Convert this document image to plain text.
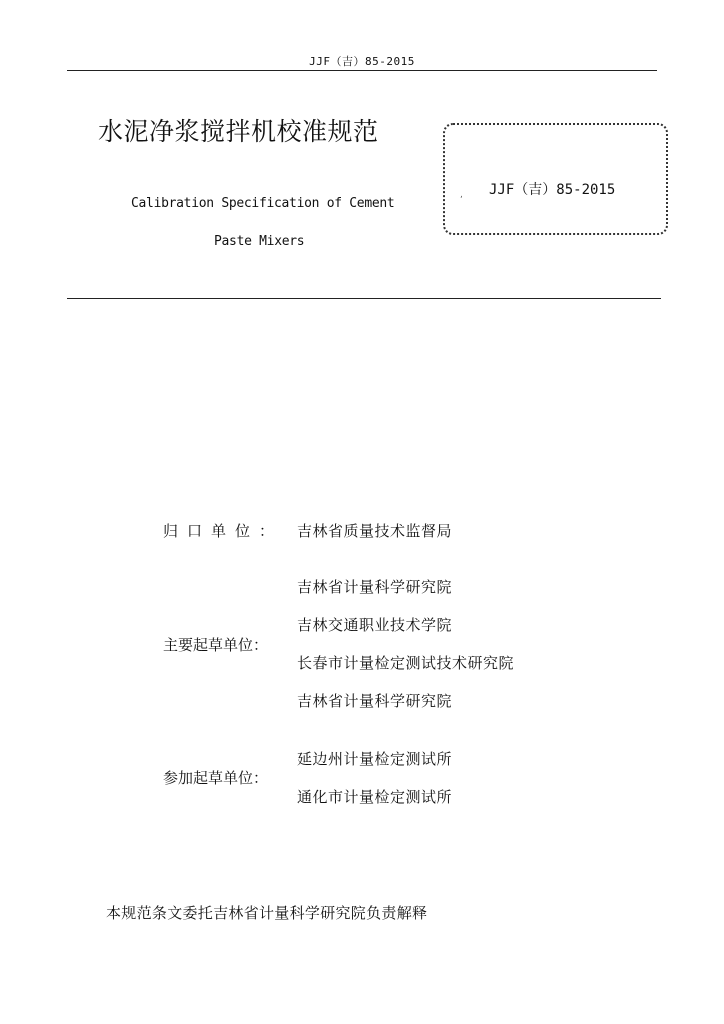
JJF（吉）85-2015
水泥净浆搅拌机校准规范
Calibration Specification of Cement
Paste Mixers
, JJF（吉）85-2015
归口单位： 吉林省质量技术监督局
主要起草单位：
吉林省计量科学研究院
吉林交通职业技术学院
长春市计量检定测试技术研究院
吉林省计量科学研究院
参加起草单位：
延边州计量检定测试所
通化市计量检定测试所
本规范条文委托吉林省计量科学研究院负责解释
